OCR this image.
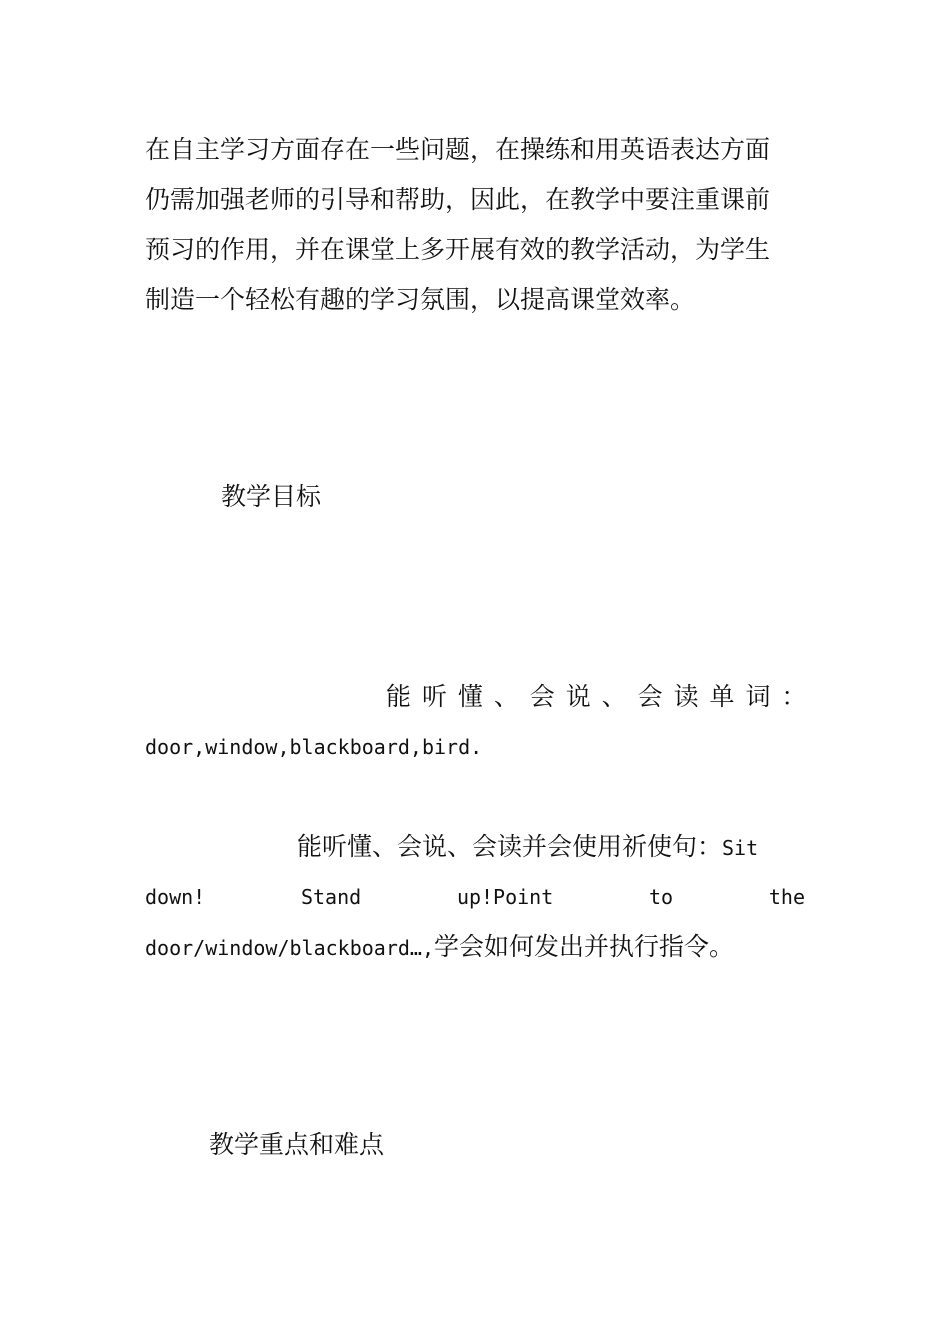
在自主学习方面存在一些问题，在操练和用英语表达方面
仍需加强老师的引导和帮助，因此，在教学中要注重课前
预习的作用，并在课堂上多开展有效的教学活动，为学生
制造一个轻松有趣的学习氛围，以提高课堂效率。
教学目标
能 听 懂 、 会 说 、 会 读 单 词 ：
door,window,blackboard,bird.
能听懂、会说、会读并会使用祈使句：Sit
down!	Stand	up!Point	to	the
door/window/blackboard…,学会如何发出并执行指令。
教学重点和难点
